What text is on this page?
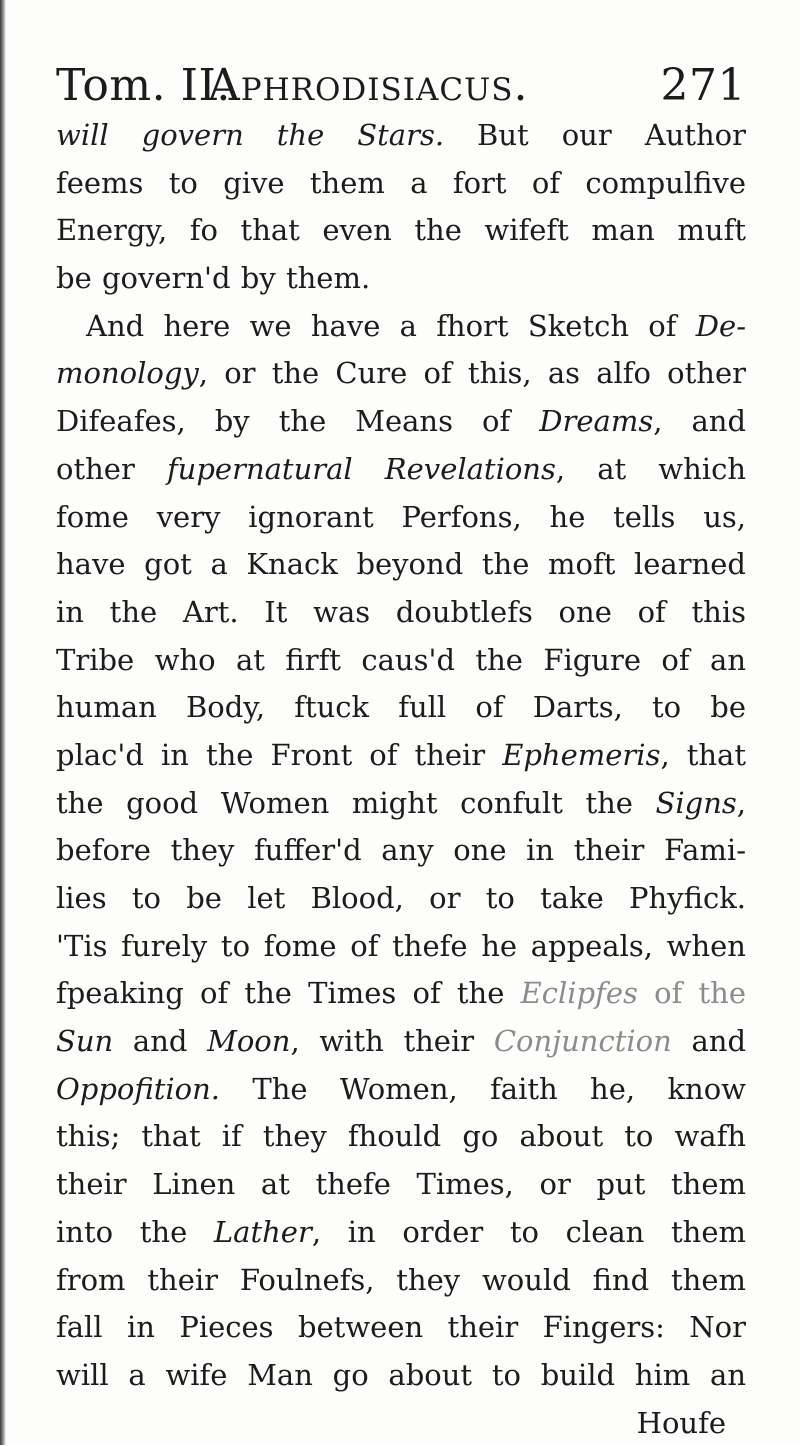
Tom. II.
Aphrodisiacus.	271
will govern the Stars. But our Author
feems to give them a fort of compulfive
Energy, fo that even the wifeft man muft
be govern'd by them.
And here we have a fhort Sketch of De-
monology, or the Cure of this, as alfo other
Difeafes, by the Means of Dreams, and
other fupernatural Revelations, at which
fome very ignorant Perfons, he tells us,
have got a Knack beyond the moft learned
in the Art. It was doubtlefs one of this
Tribe who at firft caus'd the Figure of an
human Body, ftuck full of Darts, to be
plac'd in the Front of their Ephemeris, that
the good Women might confult the Signs,
before they fuffer'd any one in their Fami-
lies to be let Blood, or to take Phyfick.
'Tis furely to fome of thefe he appeals, when
fpeaking of the Times of the Eclipfes of the
Sun and Moon, with their Conjunction and
Oppofition. The Women, faith he, know
this; that if they fhould go about to wafh
their Linen at thefe Times, or put them
into the Lather, in order to clean them
from their Foulnefs, they would find them
fall in Pieces between their Fingers: Nor
will a wife Man go about to build him an
Houfe
